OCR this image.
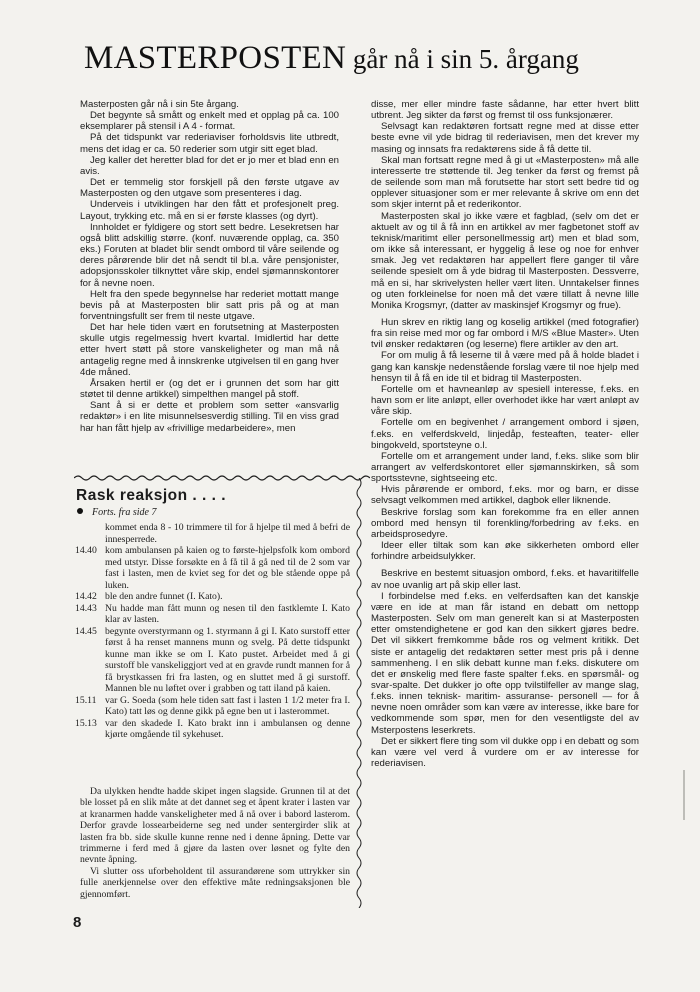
MASTERPOSTEN går nå i sin 5. årgang

Masterposten går nå i sin 5te årgang.

Det begynte så smått og enkelt med et opplag på ca. 100 eksemplarer på stensil i A 4 - format.

På det tidspunkt var rederiaviser forholdsvis lite utbredt, mens det idag er ca. 50 rederier som utgir sitt eget blad.

Jeg kaller det heretter blad for det er jo mer et blad enn en avis.

Det er temmelig stor forskjell på den første utgave av Masterposten og den utgave som presenteres i dag.

Underveis i utviklingen har den fått et profesjonelt preg. Layout, trykking etc. må en si er første klasses (og dyrt).

Innholdet er fyldigere og stort sett bedre. Lesekretsen har også blitt adskillig større. (konf. nuværende opplag, ca. 350 eks.) Foruten at bladet blir sendt ombord til våre seilende og deres pårørende blir det nå sendt til bl.a. våre pensjonister, adopsjonsskoler tilknyttet våre skip, endel sjømannskontorer for å nevne noen.

Helt fra den spede begynnelse har rederiet mottatt mange bevis på at Masterposten blir satt pris på og at man forventningsfullt ser frem til neste utgave.

Det har hele tiden vært en forutsetning at Masterposten skulle utgis regelmessig hvert kvartal. Imidlertid har dette etter hvert støtt på store vanskeligheter og man må nå antagelig regne med å innskrenke utgivelsen til en gang hver 4de måned.

Årsaken hertil er (og det er i grunnen det som har gitt støtet til denne artikkel) simpelthen mangel på stoff.

Sant å si er dette et problem som setter «ansvarlig redaktør» i en lite misunnelsesverdig stilling. Til en viss grad har han fått hjelp av «frivillige medarbeidere», men

disse, mer eller mindre faste sådanne, har etter hvert blitt utbrent. Jeg sikter da først og fremst til oss funksjonærer.

Selvsagt kan redaktøren fortsatt regne med at disse etter beste evne vil yde bidrag til rederiavisen, men det krever my masing og innsats fra redaktørens side å få dette til.

Skal man fortsatt regne med å gi ut «Masterposten» må alle interesserte tre støttende til. Jeg tenker da først og fremst på de seilende som man må forutsette har stort sett bedre tid og opplever situasjoner som er mer relevante å skrive om enn det som skjer internt på et rederikontor.

Masterposten skal jo ikke være et fagblad, (selv om det er aktuelt av og til å få inn en artikkel av mer fagbetonet stoff av teknisk/maritimt eller personellmessig art) men et blad som, om ikke så interessant, er hyggelig å lese og noe for enhver smak. Jeg vet redaktøren har appellert flere ganger til våre seilende spesielt om å yde bidrag til Masterposten. Dessverre, må en si, har skrivelysten heller vært liten. Unntakelser finnes og uten forkleinelse for noen må det være tillatt å nevne lille Monika Krogsmyr, (datter av maskinsjef Krogsmyr og frue).

Hun skrev en riktig lang og koselig artikkel (med fotografier) fra sin reise med mor og far ombord i M/S «Blue Master». Uten tvil ønsker redaktøren (og leserne) flere artikler av den art.

For om mulig å få leserne til å være med på å holde bladet i gang kan kanskje nedenstående forslag være til noe hjelp med hensyn til å få en ide til et bidrag til Masterposten.

Fortelle om et havneanløp av spesiell interesse, f.eks. en havn som er lite anløpt, eller overhodet ikke har vært anløpt av våre skip.

Fortelle om en begivenhet / arrangement ombord i sjøen, f.eks. en velferdskveld, linjedåp, festeaften, teater- eller bingokveld, sportsteyne o.l.

Fortelle om et arrangement under land, f.eks. slike som blir arrangert av velferdskontoret eller sjømannskirken, så som sportsstevne, sightseeing etc.

Hvis pårørende er ombord, f.eks. mor og barn, er disse selvsagt velkommen med artikkel, dagbok eller liknende.

Beskrive forslag som kan forekomme fra en eller annen ombord med hensyn til forenkling/forbedring av f.eks. en arbeidsprosedyre.

Ideer eller tiltak som kan øke sikkerheten ombord eller forhindre arbeidsulykker.

Beskrive en bestemt situasjon ombord, f.eks. et havaritilfelle av noe uvanlig art på skip eller last.

I forbindelse med f.eks. en velferdsaften kan det kanskje være en ide at man får istand en debatt om nettopp Masterposten. Selv om man generelt kan si at Masterposten etter omstendighetene er god kan den sikkert gjøres bedre. Det vil sikkert fremkomme både ros og velment kritikk. Det siste er antagelig det redaktøren setter mest pris på i denne sammenheng. I en slik debatt kunne man f.eks. diskutere om det er ønskelig med flere faste spalter f.eks. en spørsmål- og svar-spalte. Det dukker jo ofte opp tvilstilfeller av mange slag, f.eks. innen teknisk- maritim- assuranse- personell — for å nevne noen områder som kan være av interesse, ikke bare for vedkommende som spør, men for den vesentligste del av Msterpostens leserkrets.

Det er sikkert flere ting som vil dukke opp i en debatt og som kan være vel verd å vurdere om er av interesse for rederiavisen.

Rask reaksjon . . . .
Forts. fra side 7
kommet enda 8 - 10 trimmere til for å hjelpe til med å befri de innesperrede.
14.40 kom ambulansen på kaien og to første-hjelpsfolk kom ombord med utstyr. Disse forsøkte en å få til å gå ned til de 2 som var fast i lasten, men de kviet seg for det og ble stående oppe på luken.
14.42 ble den andre funnet (I. Kato).
14.43 Nu hadde man fått munn og nesen til den fastklemte I. Kato klar av lasten.
14.45 begynte overstyrmann og 1. styrmann å gi I. Kato surstoff etter først å ha renset mannens munn og svelg. På dette tidspunkt kunne man ikke se om I. Kato pustet. Arbeidet med å gi surstoff ble vanskeliggjort ved at en gravde rundt mannen for å få brystkassen fri fra lasten, og en sluttet med å gi surstoff. Mannen ble nu løftet over i grabben og tatt iland på kaien.
15.11 var G. Soeda (som hele tiden satt fast i lasten 1 1/2 meter fra I. Kato) tatt løs og denne gikk på egne ben ut i lasterommet.
15.13 var den skadede I. Kato brakt inn i ambulansen og denne kjørte omgående til sykehuset.

Da ulykken hendte hadde skipet ingen slagside. Grunnen til at det ble losset på en slik måte at det dannet seg et åpent krater i lasten var at kranarmen hadde vanskeligheter med å nå over i babord lasterom. Derfor gravde lossearbeiderne seg ned under sentergirder slik at lasten fra bb. side skulle kunne renne ned i denne åpning. Dette var trimmerne i ferd med å gjøre da lasten over løsnet og fylte den nevnte åpning.

Vi slutter oss uforbeholdent til assurandørene som uttrykker sin fulle anerkjennelse over den effektive måte redningsaksjonen ble gjennomført.

8
